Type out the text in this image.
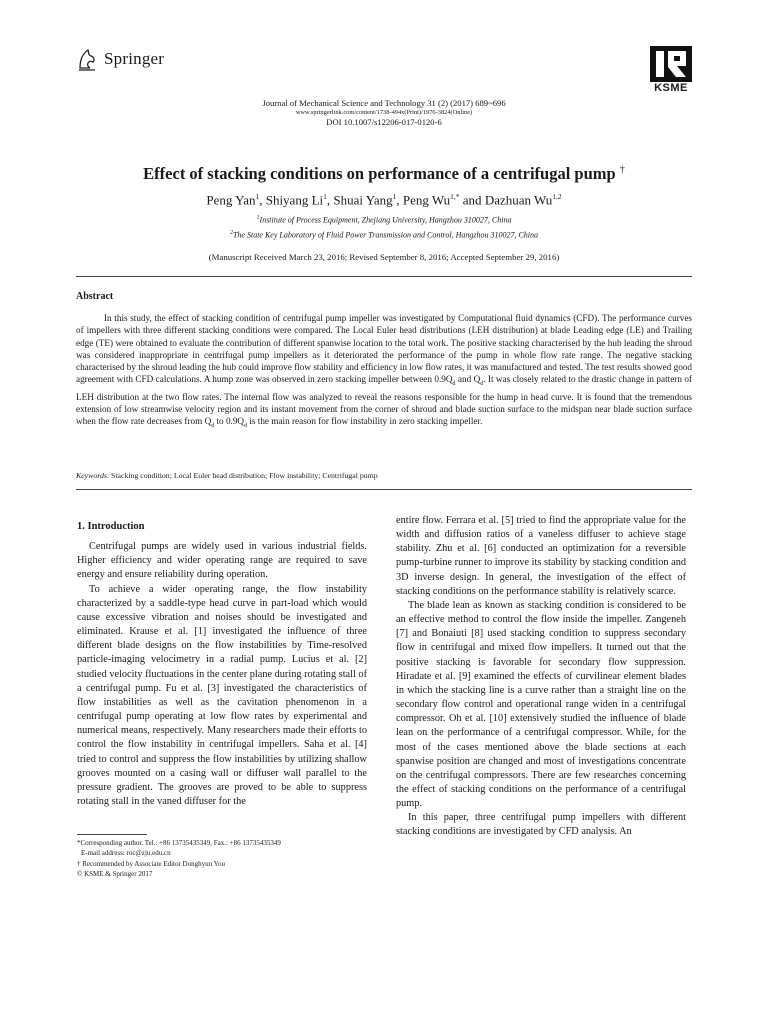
Springer
KSME
Journal of Mechanical Science and Technology 31 (2) (2017) 689~696
www.springerlink.com/content/1738-494x(Print)/1976-3824(Online)
DOI 10.1007/s12206-017-0120-6
Effect of stacking conditions on performance of a centrifugal pump †
Peng Yan$^1$, Shiyang Li$^1$, Shuai Yang$^1$, Peng $Wu^{1,*}$ and Dazhuan Wu$^{1,2}$
$^1$Institute of Process Equipment, Zhejiang University, Hangzhou 310027, China
$^2$The State Key Laboratory of Fluid Power Transmission and Control, Hangzhou 310027, China
(Manuscript Received March 23, 2016; Revised September 8, 2016; Accepted September 29, 2016)
Abstract
In this study, the effect of stacking condition of centrifugal pump impeller was investigated by Computational fluid dynamics (CFD). The performance curves of impellers with three different stacking conditions were compared. The Local Euler head distributions (LEH distribution) at blade Leading edge (LE) and Trailing edge (TE) were obtained to evaluate the contribution of different spanwise location to the total work. The positive stacking characterised by the hub leading the shroud was considered inappropriate in centrifugal pump impellers as it deteriorated the performance of the pump in whole flow rate range. The negative stacking characterised by the shroud leading the hub could improve flow stability and efficiency in low flow rates, it was manufactured and tested. The test results showed good agreement with CFD calculations. A hump zone was observed in zero stacking impeller between $0.9Q_d$ and $Q_d$. It was closely related to the drastic change in pattern of LEH distribution at the two flow rates. The internal flow was analyzed to reveal the reasons responsible for the hump in head curve. It is found that the tremendous extension of low streamwise velocity region and its instant movement from the corner of shroud and blade suction surface to the midspan near blade suction surface when the flow rate decreases from $Q_d$ to $0.9Q_d$ is the main reason for flow instability in zero stacking impeller.
Keywords: Stacking condition; Local Euler head distribution; Flow instability; Centrifugal pump
1. Introduction

Centrifugal pumps are widely used in various industrial fields. Higher efficiency and wider operating range are required to save energy and ensure reliability during operation.

To achieve a wider operating range, the flow instability characterized by a saddle-type head curve in part-load which would cause excessive vibration and noises should be investigated and eliminated. Krause et al. [1] investigated the influence of three different blade designs on the flow instabilities by Time-resolved particle-imaging velocimetry in a radial pump. Lucius et al. [2] studied velocity fluctuations in the center plane during rotating stall of a centrifugal pump. Fu et al. [3] investigated the characteristics of flow instabilities as well as the cavitation phenomenon in a centrifugal pump operating at low flow rates by experimental and numerical means, respectively. Many researchers made their efforts to control the flow instability in centrifugal impellers. Saha et al. [4] tried to control and suppress the flow instabilities by utilizing shallow grooves mounted on a casing wall or diffuser wall parallel to the pressure gradient. The grooves are proved to be able to suppress rotating stall in the vaned diffuser for the

entire flow. Ferrara et al. [5] tried to find the appropriate value for the width and diffusion ratios of a vaneless diffuser to achieve stage stability. Zhu et al. [6] conducted an optimization for a reversible pump-turbine runner to improve its stability by stacking condition and 3D inverse design. In general, the investigation of the effect of stacking conditions on the performance stability is relatively scarce.

The blade lean as known as stacking condition is considered to be an effective method to control the flow inside the impeller. Zangeneh [7] and Bonaiuti [8] used stacking condition to suppress secondary flow in centrifugal and mixed flow impellers. It turned out that the positive stacking is favorable for secondary flow suppression. Hiradate et al. [9] examined the effects of curvilinear element blades in which the stacking line is a curve rather than a straight line on the secondary flow control and operational range widen in a centrifugal compressor. Oh et al. [10] extensively studied the influence of blade lean on the performance of a centrifugal compressor. While, for the most of the cases mentioned above the blade sections at each spanwise position are changed and most of investigations concentrate on the centrifugal compressors. There are few researches concerning the effect of stacking conditions on the performance of a centrifugal pump.

In this paper, three centrifugal pump impellers with different stacking conditions are investigated by CFD analysis. An

*Corresponding author. Tel.: +86 13735435349, Fax.: +86 13735435349
E-mail address: roc@zju.edu.cn
† Recommended by Associate Editor Donghyun You
© KSME & Springer 2017
